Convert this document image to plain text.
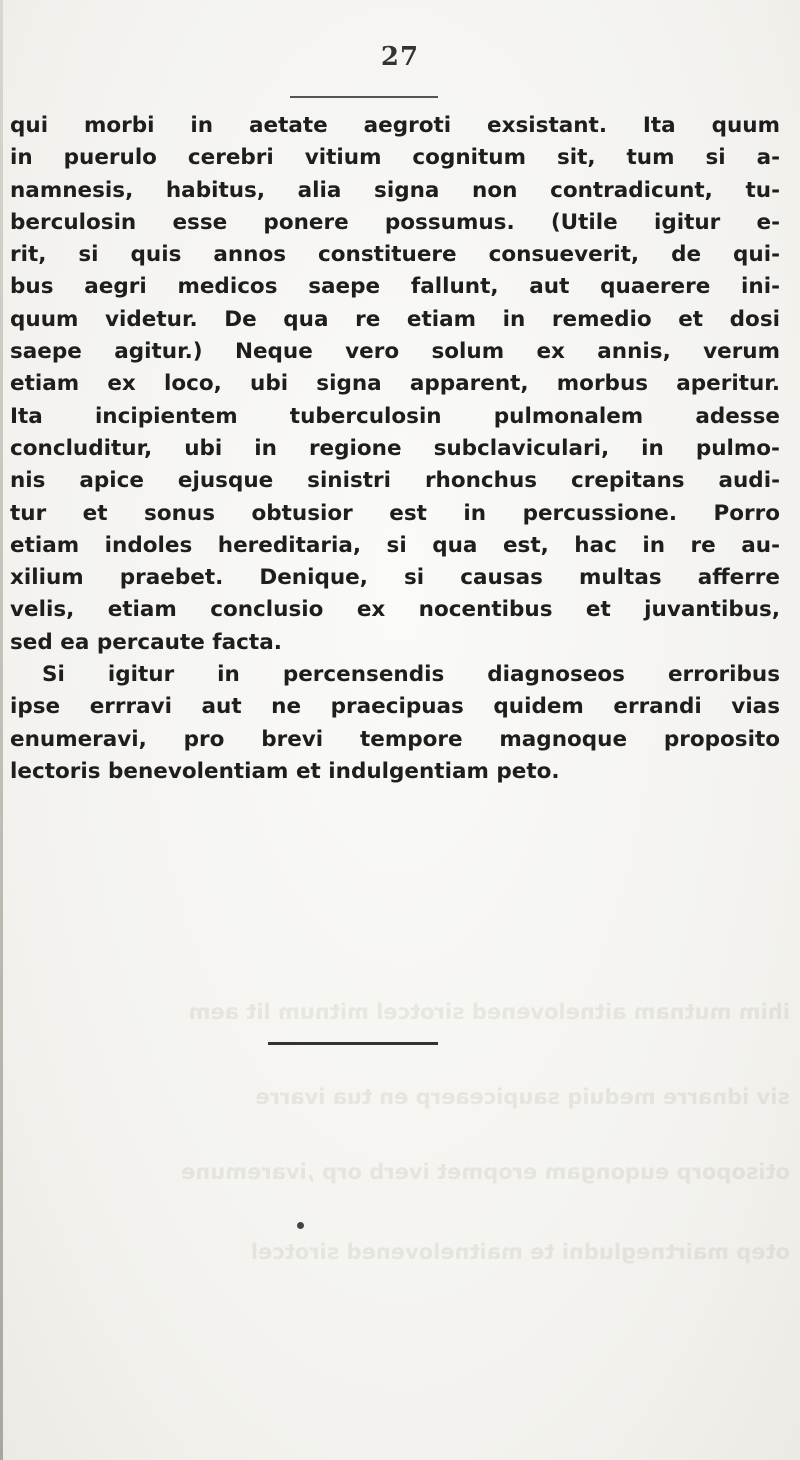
27
qui morbi in aetate aegroti exsistant. Ita quum
in puerulo cerebri vitium cognitum sit, tum si a-
namnesis, habitus, alia signa non contradicunt, tu-
berculosin esse ponere possumus. (Utile igitur e-
rit, si quis annos constituere consueverit, de qui-
bus aegri medicos saepe fallunt, aut quaerere ini-
quum videtur. De qua re etiam in remedio et dosi
saepe agitur.) Neque vero solum ex annis, verum
etiam ex loco, ubi signa apparent, morbus aperitur.
Ita incipientem tuberculosin pulmonalem adesse
concluditur, ubi in regione subclaviculari, in pulmo-
nis apice ejusque sinistri rhonchus crepitans audi-
tur et sonus obtusior est in percussione. Porro
etiam indoles hereditaria, si qua est, hac in re au-
xilium praebet. Denique, si causas multas afferre
velis, etiam conclusio ex nocentibus et juvantibus,
sed ea percaute facta.
Si igitur in percensendis diagnoseos erroribus
ipse errravi aut ne praecipuas quidem errandi vias
enumeravi, pro brevi tempore magnoque proposito
lectoris benevolentiam et indulgentiam peto.
ihim mutnam aitnelovened sirotcel mitnum lit aem
siv idnarre meduiq saupiceaerp en tua ivarre
otisoporp euqongam eropmet iverb orp ,ivaremune
otep mairtnegludni te maitnelovened sirotcel
